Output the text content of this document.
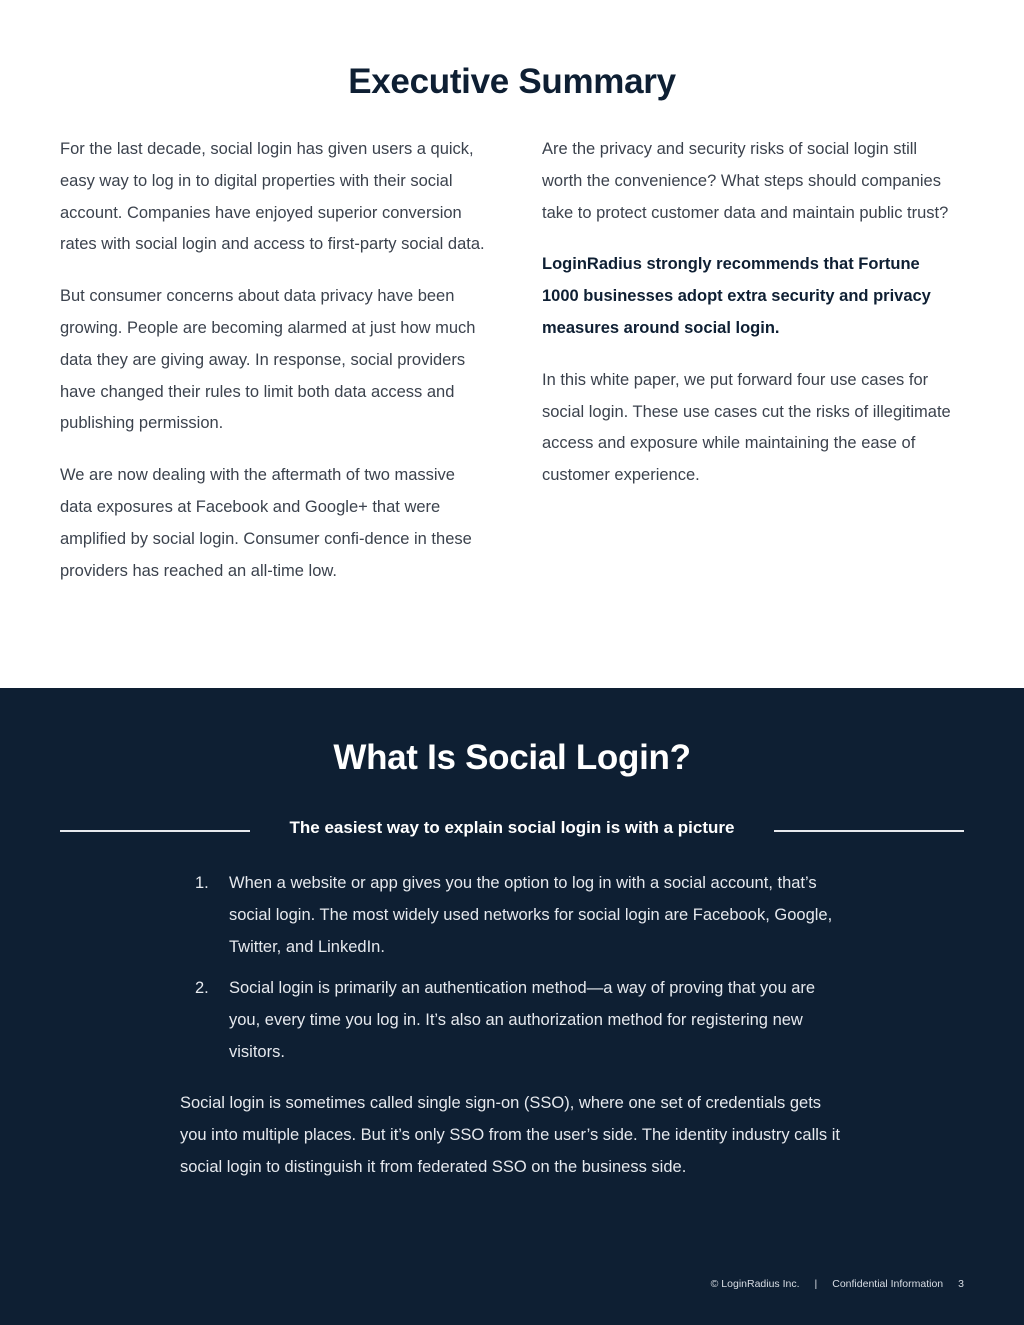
Executive Summary

For the last decade, social login has given users a quick, easy way to log in to digital properties with their social account. Companies have enjoyed superior conversion rates with social login and access to first-party social data.

But consumer concerns about data privacy have been growing. People are becoming alarmed at just how much data they are giving away. In response, social providers have changed their rules to limit both data access and publishing permission.

We are now dealing with the aftermath of two massive data exposures at Facebook and Google+ that were amplified by social login. Consumer confi-dence in these providers has reached an all-time low.

Are the privacy and security risks of social login still worth the convenience? What steps should companies take to protect customer data and maintain public trust?

LoginRadius strongly recommends that Fortune 1000 businesses adopt extra security and privacy measures around social login.

In this white paper, we put forward four use cases for social login. These use cases cut the risks of illegitimate access and exposure while maintaining the ease of customer experience.

What Is Social Login?
The easiest way to explain social login is with a picture
1.	When a website or app gives you the option to log in with a social account, that’s social login. The most widely used networks for social login are Facebook, Google, Twitter, and LinkedIn.
2.	Social login is primarily an authentication method—a way of proving that you are you, every time you log in. It’s also an authorization method for registering new visitors.

Social login is sometimes called single sign-on (SSO), where one set of credentials gets you into multiple places. But it’s only SSO from the user’s side. The identity industry calls it social login to distinguish it from federated SSO on the business side.

© LoginRadius Inc. | Confidential Information 3
